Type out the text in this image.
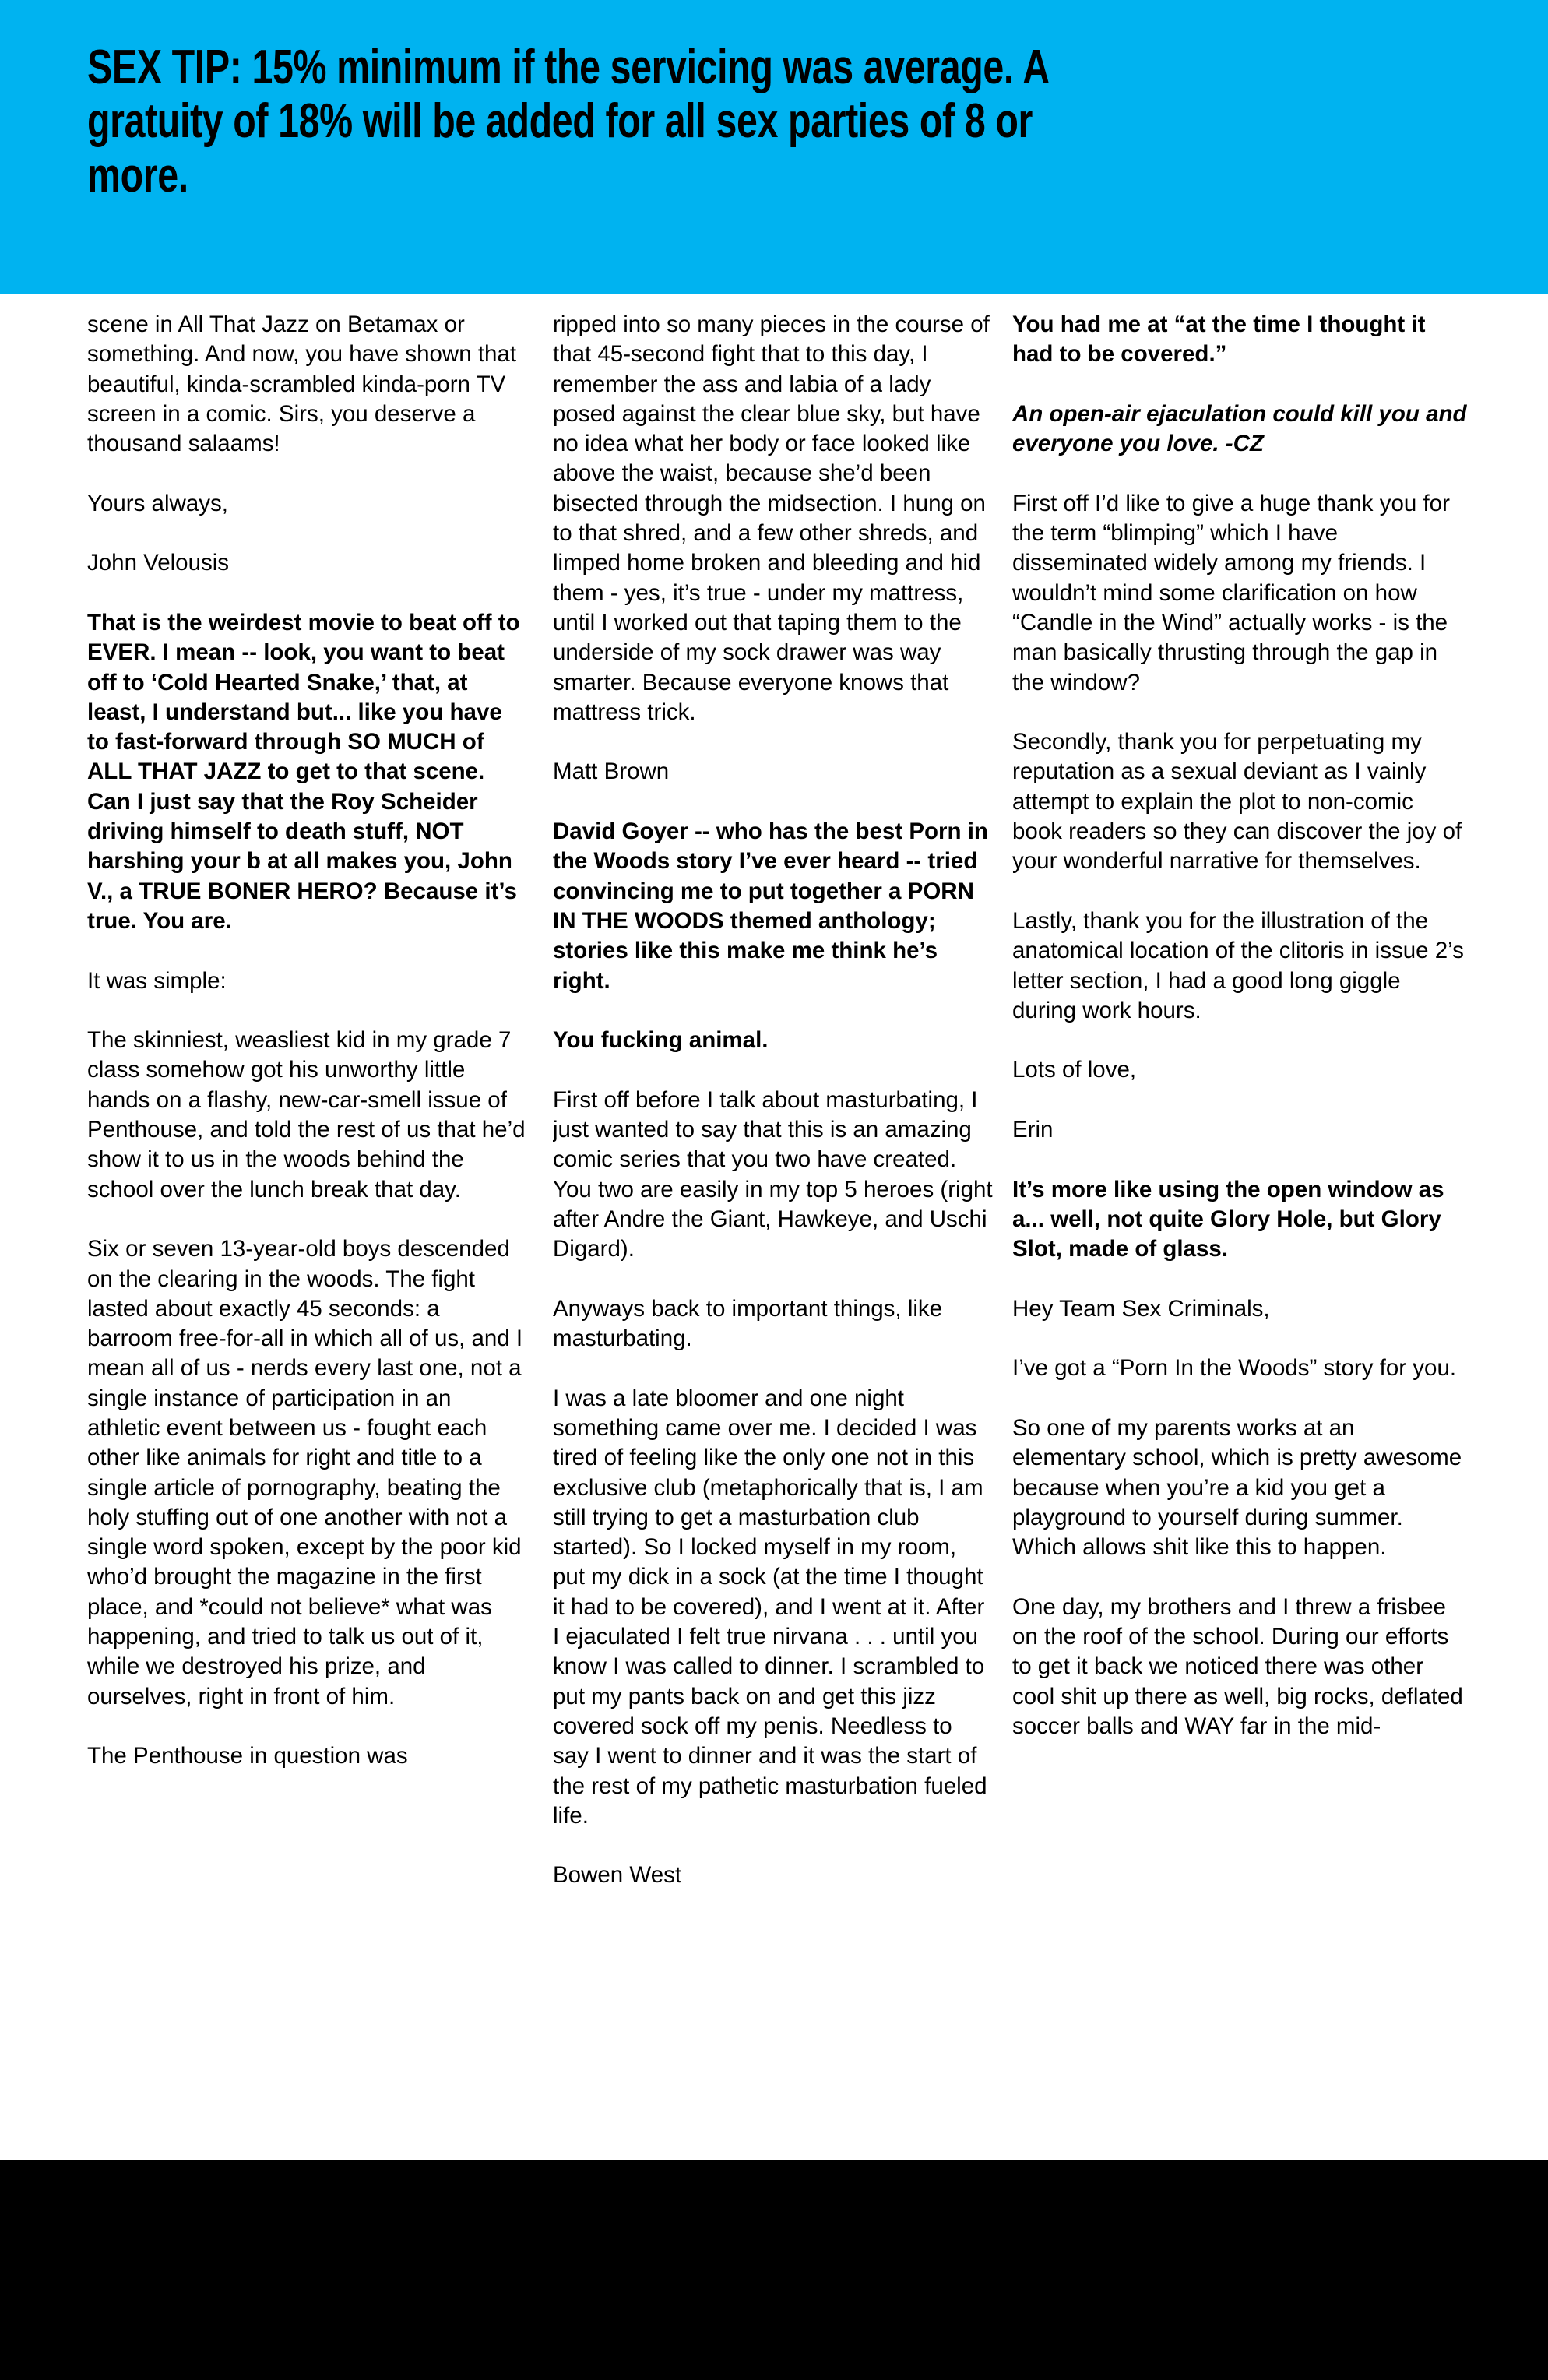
SEX TIP: 15% minimum if the servicing was average. A gratuity of 18% will be added for all sex parties of 8 or more.

scene in All That Jazz on Betamax or something. And now, you have shown that beautiful, kinda-scrambled kinda-porn TV screen in a comic. Sirs, you deserve a thousand salaams!

Yours always,

John Velousis

That is the weirdest movie to beat off to EVER. I mean -- look, you want to beat off to ‘Cold Hearted Snake,’ that, at least, I understand but... like you have to fast-forward through SO MUCH of ALL THAT JAZZ to get to that scene. Can I just say that the Roy Scheider driving himself to death stuff, NOT harshing your b at all makes you, John V., a TRUE BONER HERO? Because it’s true. You are.

It was simple:

The skinniest, weasliest kid in my grade 7 class somehow got his unworthy little hands on a flashy, new-car-smell issue of Penthouse, and told the rest of us that he’d show it to us in the woods behind the school over the lunch break that day.

Six or seven 13-year-old boys descended on the clearing in the woods. The fight lasted about exactly 45 seconds: a barroom free-for-all in which all of us, and I mean all of us - nerds every last one, not a single instance of participation in an athletic event between us - fought each other like animals for right and title to a single article of pornography, beating the holy stuffing out of one another with not a single word spoken, except by the poor kid who’d brought the magazine in the first place, and *could not believe* what was happening, and tried to talk us out of it, while we destroyed his prize, and ourselves, right in front of him.

The Penthouse in question was

ripped into so many pieces in the course of that 45-second fight that to this day, I remember the ass and labia of a lady posed against the clear blue sky, but have no idea what her body or face looked like above the waist, because she’d been bisected through the midsection. I hung on to that shred, and a few other shreds, and limped home broken and bleeding and hid them - yes, it’s true - under my mattress, until I worked out that taping them to the underside of my sock drawer was way smarter. Because everyone knows that mattress trick.

Matt Brown

David Goyer -- who has the best Porn in the Woods story I’ve ever heard -- tried convincing me to put together a PORN IN THE WOODS themed anthology; stories like this make me think he’s right.

You fucking animal.

First off before I talk about masturbating, I just wanted to say that this is an amazing comic series that you two have created. You two are easily in my top 5 heroes (right after Andre the Giant, Hawkeye, and Uschi Digard).

Anyways back to important things, like masturbating.

I was a late bloomer and one night something came over me. I decided I was tired of feeling like the only one not in this exclusive club (metaphorically that is, I am still trying to get a masturbation club started). So I locked myself in my room, put my dick in a sock (at the time I thought it had to be covered), and I went at it. After I ejaculated I felt true nirvana . . . until you know I was called to dinner. I scrambled to put my pants back on and get this jizz covered sock off my penis. Needless to say I went to dinner and it was the start of the rest of my pathetic masturbation fueled life.

Bowen West

You had me at “at the time I thought it had to be covered.”

An open-air ejaculation could kill you and everyone you love. -CZ

First off I’d like to give a huge thank you for the term “blimping” which I have disseminated widely among my friends. I wouldn’t mind some clarification on how “Candle in the Wind” actually works - is the man basically thrusting through the gap in the window?

Secondly, thank you for perpetuating my reputation as a sexual deviant as I vainly attempt to explain the plot to non-comic book readers so they can discover the joy of your wonderful narrative for themselves.

Lastly, thank you for the illustration of the anatomical location of the clitoris in issue 2’s letter section, I had a good long giggle during work hours.

Lots of love,

Erin

It’s more like using the open window as a... well, not quite Glory Hole, but Glory Slot, made of glass.

Hey Team Sex Criminals,

I’ve got a “Porn In the Woods” story for you.

So one of my parents works at an elementary school, which is pretty awesome because when you’re a kid you get a playground to yourself during summer. Which allows shit like this to happen.

One day, my brothers and I threw a frisbee on the roof of the school. During our efforts to get it back we noticed there was other cool shit up there as well, big rocks, deflated soccer balls and WAY far in the mid-
